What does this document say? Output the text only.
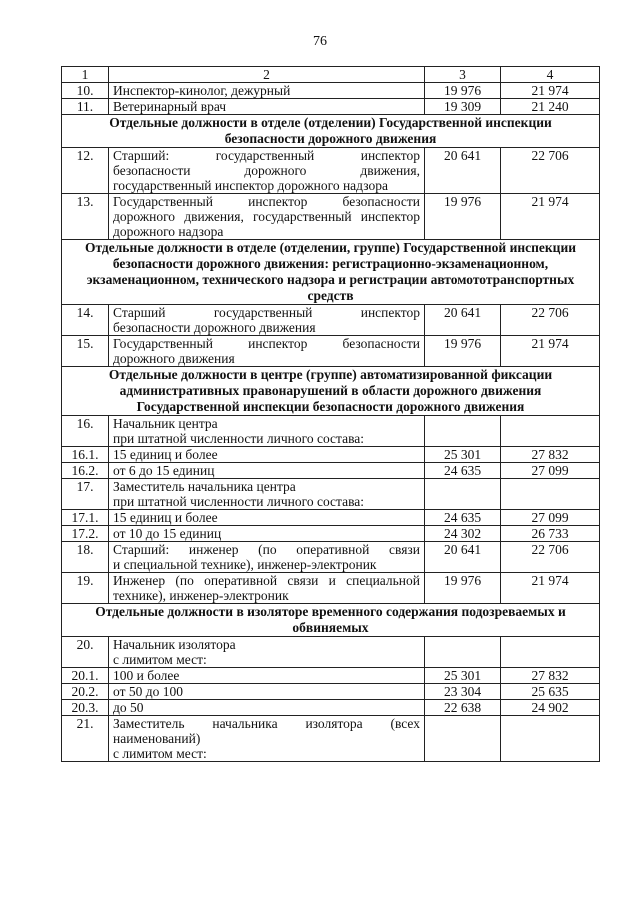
76
1	2	3	4
10.	Инспектор-кинолог, дежурный	19 976	21 974
11.	Ветеринарный врач	19 309	21 240

Отдельные должности в отделе (отделении) Государственной инспекции
безопасности дорожного движения			

12.	Старший: государственный инспектор
безопасности дорожного движения,
государственный инспектор дорожного надзора	20 641	22 706
13.	Государственный инспектор безопасности
дорожного движения, государственный инспектор
дорожного надзора	19 976	21 974

Отдельные должности в отделе (отделении, группе) Государственной инспекции
безопасности дорожного движения: регистрационно-экзаменационном,
экзаменационном, технического надзора и регистрации автомототранспортных
средств			

14.	Старший государственный инспектор
безопасности дорожного движения	20 641	22 706
15.	Государственный инспектор безопасности
дорожного движения	19 976	21 974

Отдельные должности в центре (группе) автоматизированной фиксации
административных правонарушений в области дорожного движения
Государственной инспекции безопасности дорожного движения			

16.	Начальник центра
при штатной численности личного состава:		

16.1.	15 единиц и более	25 301	27 832
16.2.	от 6 до 15 единиц	24 635	27 099
17.	Заместитель начальника центра
при штатной численности личного состава:		

17.1.	15 единиц и более	24 635	27 099
17.2.	от 10 до 15 единиц	24 302	26 733
18.	Старший: инженер (по оперативной связи
и специальной технике), инженер-электроник	20 641	22 706
19.	Инженер (по оперативной связи и специальной
технике), инженер-электроник	19 976	21 974

Отдельные должности в изоляторе временного содержания подозреваемых и
обвиняемых			

20.	Начальник изолятора
с лимитом мест:		

20.1.	100 и более	25 301	27 832
20.2.	от 50 до 100	23 304	25 635
20.3.	до 50	22 638	24 902
21.	Заместитель начальника изолятора (всех
наименований)
с лимитом мест:		
